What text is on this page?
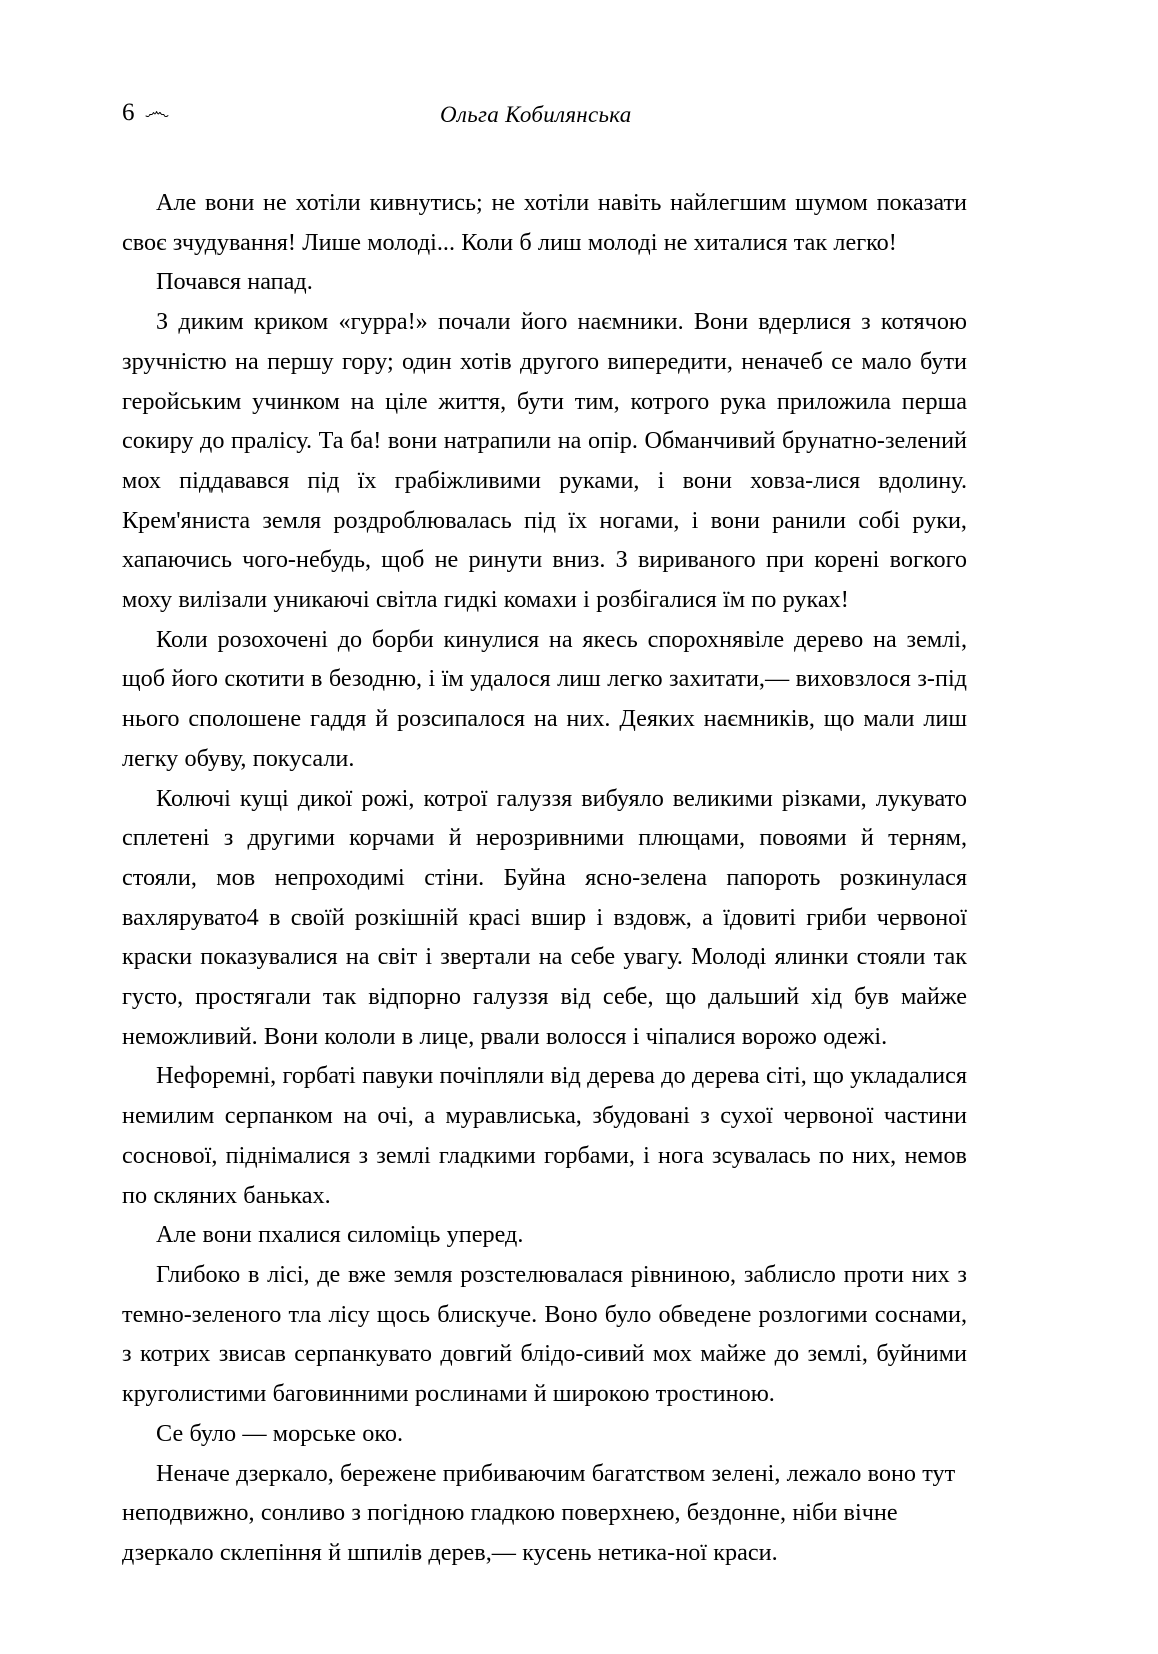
6 ෴	Ольга Кобилянська

Але вони не хотіли кивнутись; не хотіли навіть найлегшим шумом показати своє зчудування! Лише молоді... Коли б лиш молоді не хиталися так легко!

Почався напад.

З диким криком «гурра!» почали його наємники. Вони вдерлися з котячою зручністю на першу гору; один хотів другого випередити, неначеб се мало бути геройським учинком на ціле життя, бути тим, котрого рука приложила перша сокиру до пралісу. Та ба! вони натрапили на опір. Обманчивий брунатно-зелений мох піддавався під їх грабіжливими руками, і вони ховза-лися вдолину. Крем'яниста земля роздроблювалась під їх ногами, і вони ранили собі руки, хапаючись чого-небудь, щоб не ринути вниз. З вириваного при корені вогкого моху вилізали уникаючі світла гидкі комахи і розбігалися їм по руках!

Коли розохочені до борби кинулися на якесь спорохнявіле дерево на землі, щоб його скотити в безодню, і їм удалося лиш легко захитати,— виховзлося з-під нього сполошене гаддя й розсипалося на них. Деяких наємників, що мали лиш легку обуву, покусали.

Колючі кущі дикої рожі, котрої галуззя вибуяло великими різками, лукувато сплетені з другими корчами й нерозривними плющами, повоями й терням, стояли, мов непроходимі стіни. Буйна ясно-зелена папороть розкинулася вахлярувато4 в своїй розкішній красі вшир і вздовж, а їдовиті гриби червоної краски показувалися на світ і звертали на себе увагу. Молоді ялинки стояли так густо, простягали так відпорно галуззя від себе, що дальший хід був майже неможливий. Вони кололи в лице, рвали волосся і чіпалися ворожо одежі.

Нефоремні, горбаті павуки почіпляли від дерева до дерева сіті, що укладалися немилим серпанком на очі, а муравлиська, збудовані з сухої червоної частини соснової, піднімалися з землі гладкими горбами, і нога зсувалась по них, немов по скляних баньках.

Але вони пхалися силоміць уперед.

Глибоко в лісі, де вже земля розстелювалася рівниною, заблисло проти них з темно-зеленого тла лісу щось блискуче. Воно було обведене розлогими соснами, з котрих звисав серпанкувато довгий блідо-сивий мох майже до землі, буйними круголистими баговинними рослинами й широкою тростиною.

Се було — морське око.

Неначе дзеркало, бережене прибиваючим багатством зелені, лежало воно тут неподвижно, сонливо з погідною гладкою поверхнею, бездонне, ніби вічне дзеркало склепіння й шпилів дерев,— кусень нетика-ної краси.
